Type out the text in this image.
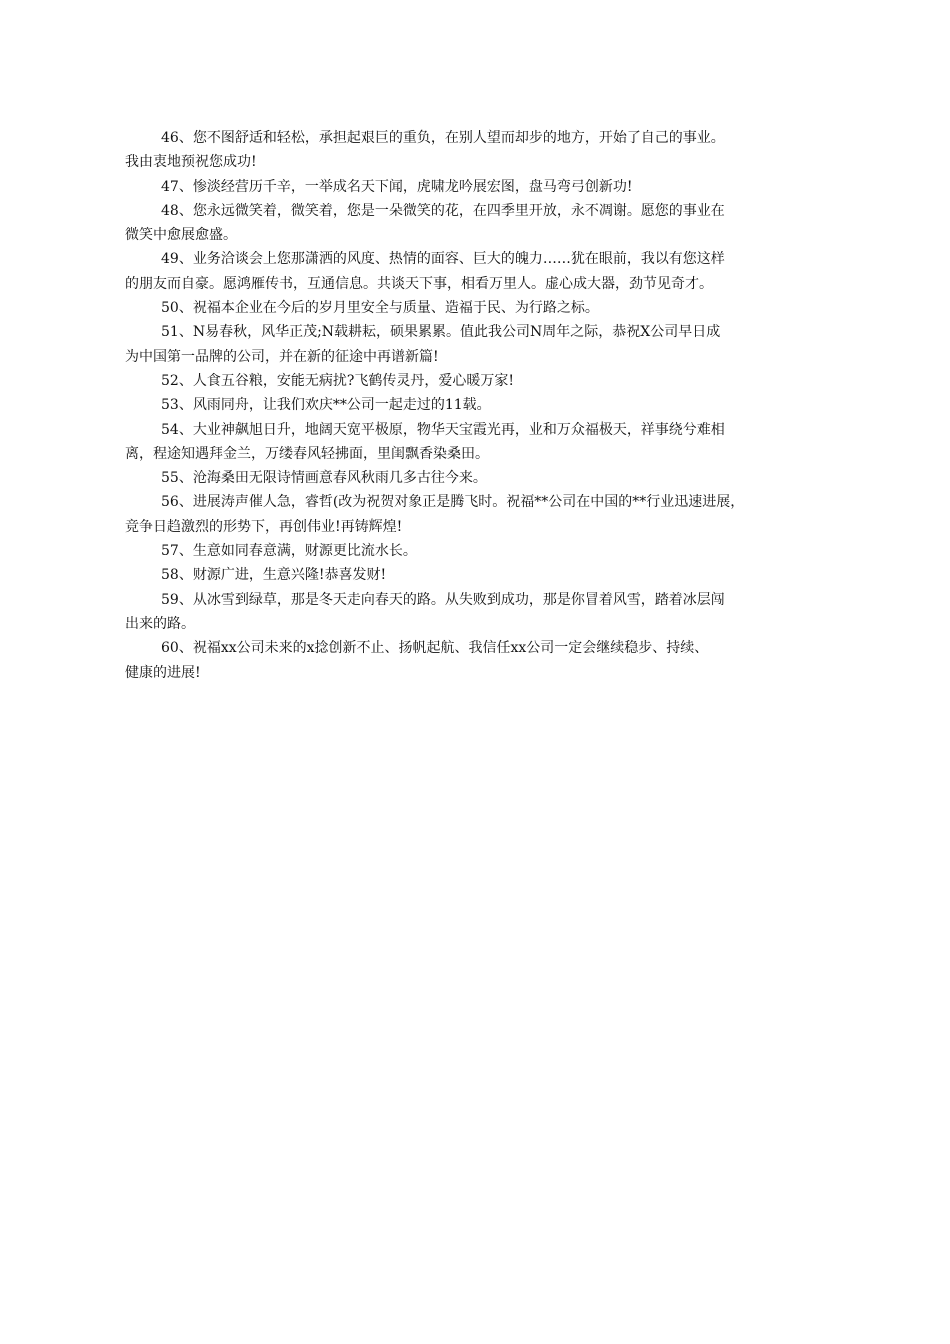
46、您不图舒适和轻松，承担起艰巨的重负，在别人望而却步的地方，开始了自己的事业。
我由衷地预祝您成功!

47、惨淡经营历千辛，一举成名天下闻，虎啸龙吟展宏图，盘马弯弓创新功!

48、您永远微笑着，微笑着，您是一朵微笑的花，在四季里开放，永不凋谢。愿您的事业在
微笑中愈展愈盛。

49、业务洽谈会上您那潇洒的风度、热情的面容、巨大的魄力……犹在眼前，我以有您这样
的朋友而自豪。愿鸿雁传书，互通信息。共谈天下事，相看万里人。虚心成大器，劲节见奇才。

50、祝福本企业在今后的岁月里安全与质量、造福于民、为行路之标。

51、N易春秋，风华正茂;N载耕耘，硕果累累。值此我公司N周年之际，恭祝X公司早日成
为中国第一品牌的公司，并在新的征途中再谱新篇!

52、人食五谷粮，安能无病扰?飞鹤传灵丹，爱心暖万家!

53、风雨同舟，让我们欢庆**公司一起走过的11载。

54、大业神飙旭日升，地阔天宽平极原，物华天宝霞光再，业和万众福极天，祥事绕兮难相
离，程途知遇拜金兰，万缕春风轻拂面，里闺飘香染桑田。

55、沧海桑田无限诗情画意春风秋雨几多古往今来。

56、进展涛声催人急，睿哲(改为祝贺对象正是腾飞时。祝福**公司在中国的**行业迅速进展，
竞争日趋激烈的形势下，再创伟业!再铸辉煌!

57、生意如同春意满，财源更比流水长。

58、财源广进，生意兴隆!恭喜发财!

59、从冰雪到绿草，那是冬天走向春天的路。从失败到成功，那是你冒着风雪，踏着冰层闯
出来的路。

60、祝福xx公司未来的x捻创新不止、扬帆起航、我信任xx公司一定会继续稳步、持续、
健康的进展!
